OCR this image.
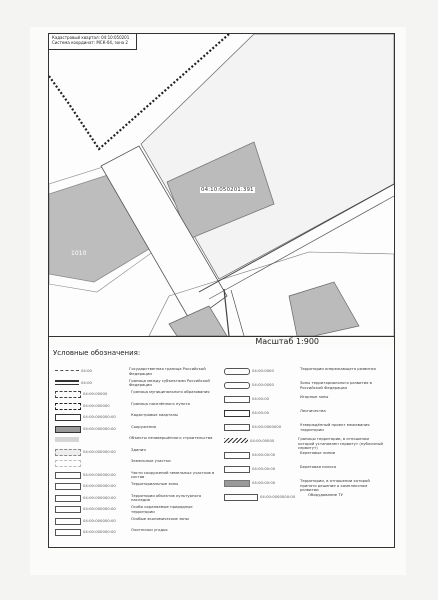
Кадастровый квартал: 04:10:050201
Система координат: МСК-04, зона 2
04:10:050201:391
1010
Масштаб 1:900
Условные обозначения:
04:00	Государственная граница Российской Федерации
04:00	Граница между субъектами Российской Федерации
04:00:00000	Граница муниципального образования
04:00:000000	Граница населённого пункта
04:00:000000:00	Кадастровые кварталы
04:00:000000:00	Сооружения
Объекты незавершённого строительства
04:00:000000:00	Здания
Земельные участки
04:00:000000:00	Части сооружений земельных участков в состав
04:00:000000:00	Территориальные зоны
04:00:000000:00	Территории объектов культурного наследия
04:00:000000:00	Особо охраняемые природные территории
04:00:000000:00	Особые экономические зоны
04:00:000000:00	Охотничьи угодья
04:00:0000	Территории опережающего развития
04:00:0000	Зоны территориального развития в Российской Федерации
04:00:00	Игорные зоны
04:00:00	Лесничества
04:00:0000000	Утверждённый проект межевания территории
04:00:00000	Границы территории, в отношении которой установлен сервитут (публичный сервитут)
04:00:00:00	Береговые линии
04:00:00:00	Береговая полоса
04:00:00:00	Территории, в отношении которой принято решение о комплексном развитии
04:00:0000000:00	Оборудование ТУ
